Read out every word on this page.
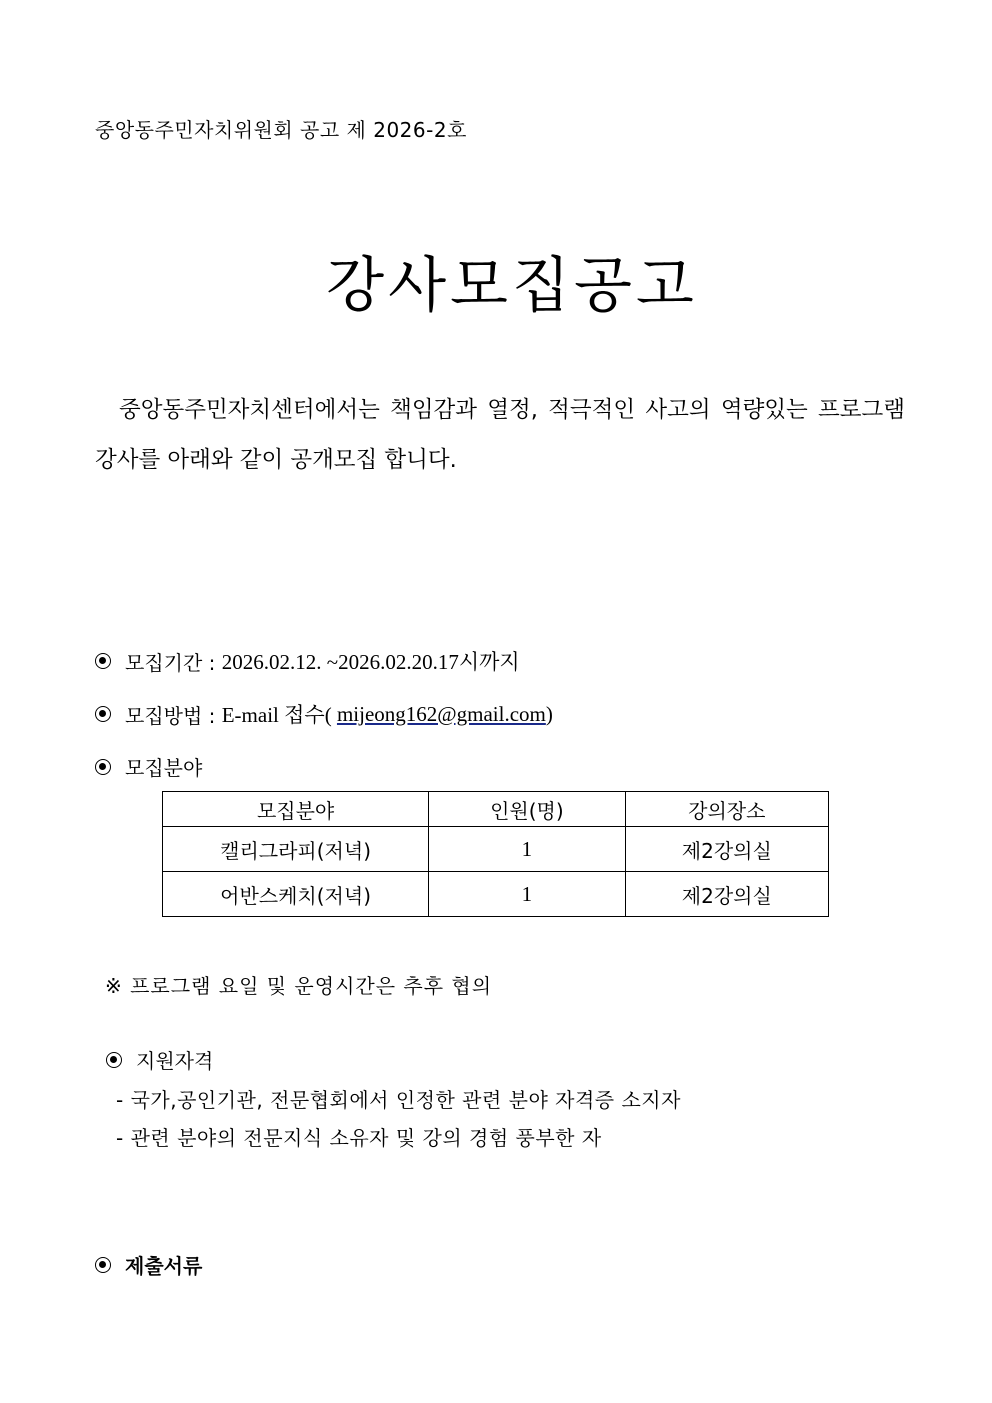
중앙동주민자치위원회 공고 제 2026-2호
강사모집공고
중앙동주민자치센터에서는 책임감과 열정, 적극적인 사고의 역량있는 프로그램 강사를 아래와 같이 공개모집 합니다.
모집기간 : 2026.02.12. ~2026.02.20.17시까지
모집방법 : E-mail 접수( mijeong162@gmail.com )
모집분야
모집분야	인원(명)	강의장소
캘리그라피(저녁)	1	제2강의실
어반스케치(저녁)	1	제2강의실
※ 프로그램 요일 및 운영시간은 추후 협의
지원자격
- 국가,공인기관, 전문협회에서 인정한 관련 분야 자격증 소지자
- 관련 분야의 전문지식 소유자 및 강의 경험 풍부한 자
제출서류
